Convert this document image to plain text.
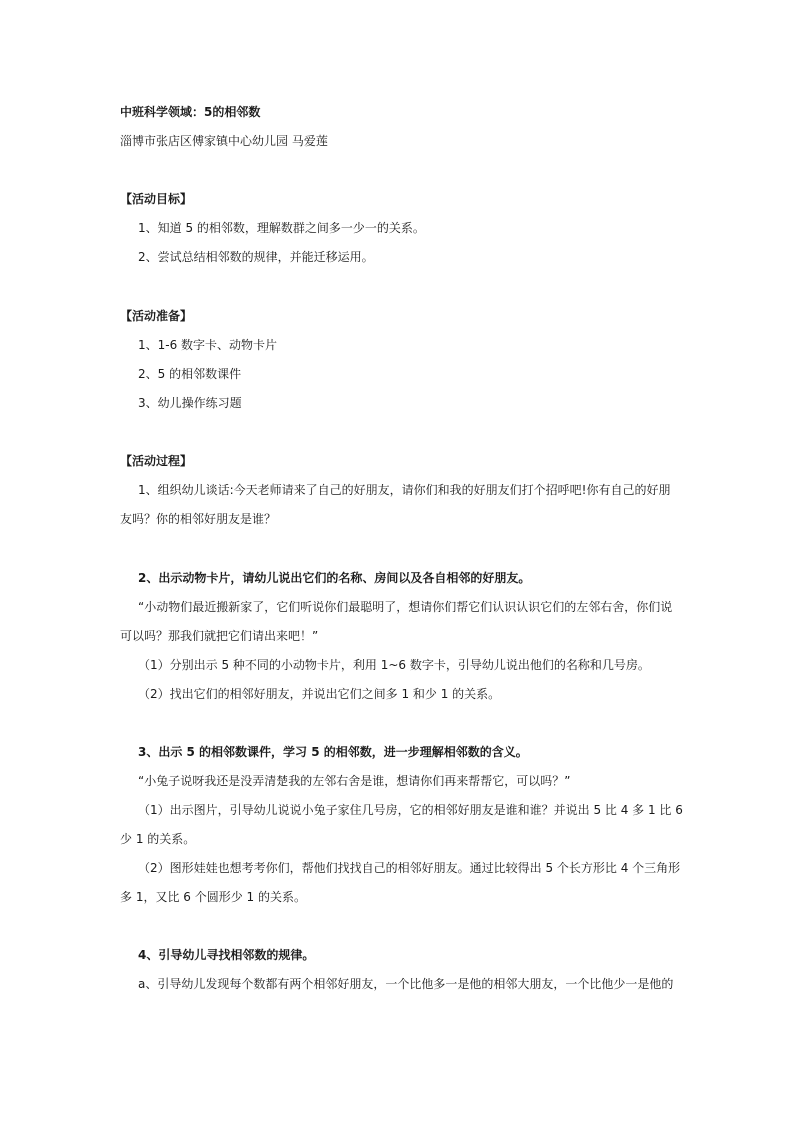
中班科学领域：5的相邻数
淄博市张店区傅家镇中心幼儿园 马爱莲
【活动目标】
1、知道 5 的相邻数，理解数群之间多一少一的关系。
2、尝试总结相邻数的规律，并能迁移运用。
【活动准备】
1、1-6 数字卡、动物卡片
2、5 的相邻数课件
3、幼儿操作练习题
【活动过程】
1、组织幼儿谈话:今天老师请来了自己的好朋友，请你们和我的好朋友们打个招呼吧!你有自己的好朋
友吗？你的相邻好朋友是谁？
2、出示动物卡片，请幼儿说出它们的名称、房间以及各自相邻的好朋友。
“小动物们最近搬新家了，它们听说你们最聪明了，想请你们帮它们认识认识它们的左邻右舍，你们说
可以吗？那我们就把它们请出来吧！”
（1）分别出示 5 种不同的小动物卡片，利用 1~6 数字卡，引导幼儿说出他们的名称和几号房。
（2）找出它们的相邻好朋友，并说出它们之间多 1 和少 1 的关系。
3、出示 5 的相邻数课件，学习 5 的相邻数，进一步理解相邻数的含义。
“小兔子说呀我还是没弄清楚我的左邻右舍是谁，想请你们再来帮帮它，可以吗？”
（1）出示图片，引导幼儿说说小兔子家住几号房，它的相邻好朋友是谁和谁？并说出 5 比 4 多 1 比 6
少 1 的关系。
（2）图形娃娃也想考考你们，帮他们找找自己的相邻好朋友。通过比较得出 5 个长方形比 4 个三角形
多 1，又比 6 个圆形少 1 的关系。
4、引导幼儿寻找相邻数的规律。
a、引导幼儿发现每个数都有两个相邻好朋友，一个比他多一是他的相邻大朋友，一个比他少一是他的
